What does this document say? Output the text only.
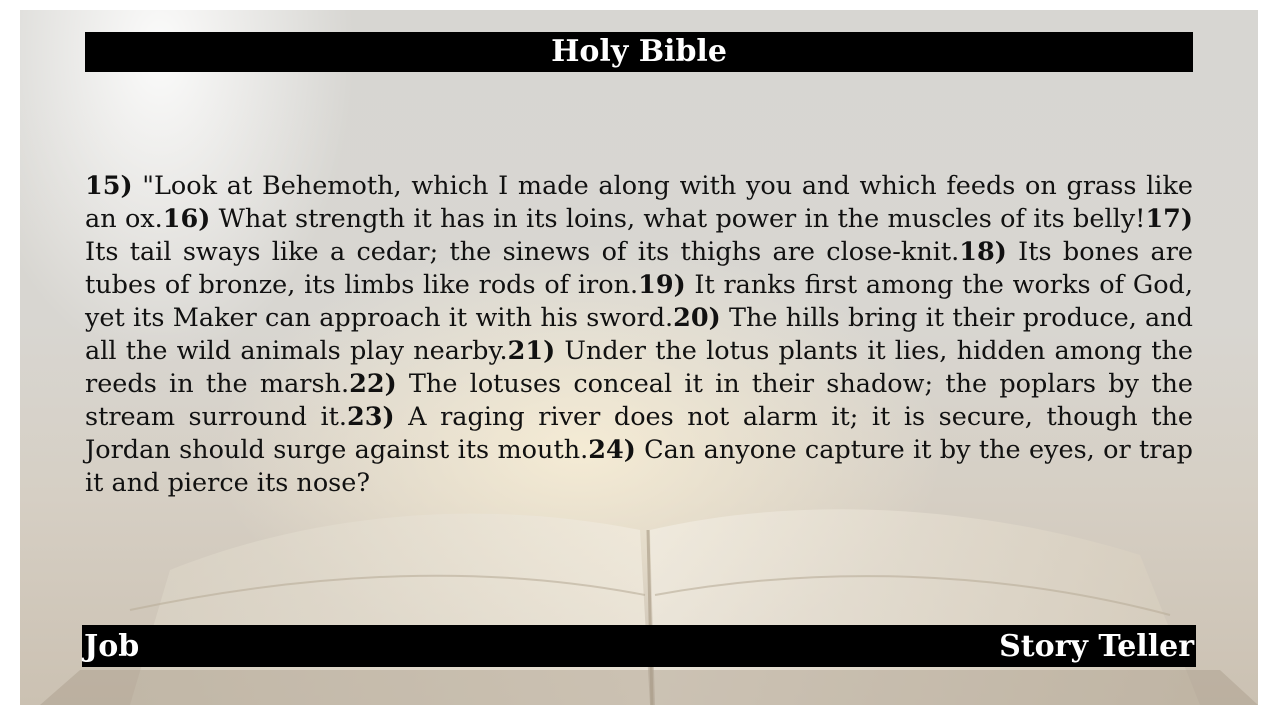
Holy Bible
15) "Look at Behemoth, which I made along with you and which feeds on grass like an ox.16) What strength it has in its loins, what power in the muscles of its belly!17) Its tail sways like a cedar; the sinews of its thighs are close-knit.18) Its bones are tubes of bronze, its limbs like rods of iron.19) It ranks first among the works of God, yet its Maker can approach it with his sword.20) The hills bring it their produce, and all the wild animals play nearby.21) Under the lotus plants it lies, hidden among the reeds in the marsh.22) The lotuses conceal it in their shadow; the poplars by the stream surround it.23) A raging river does not alarm it; it is secure, though the Jordan should surge against its mouth.24) Can anyone capture it by the eyes, or trap it and pierce its nose?
Job	Story Teller
